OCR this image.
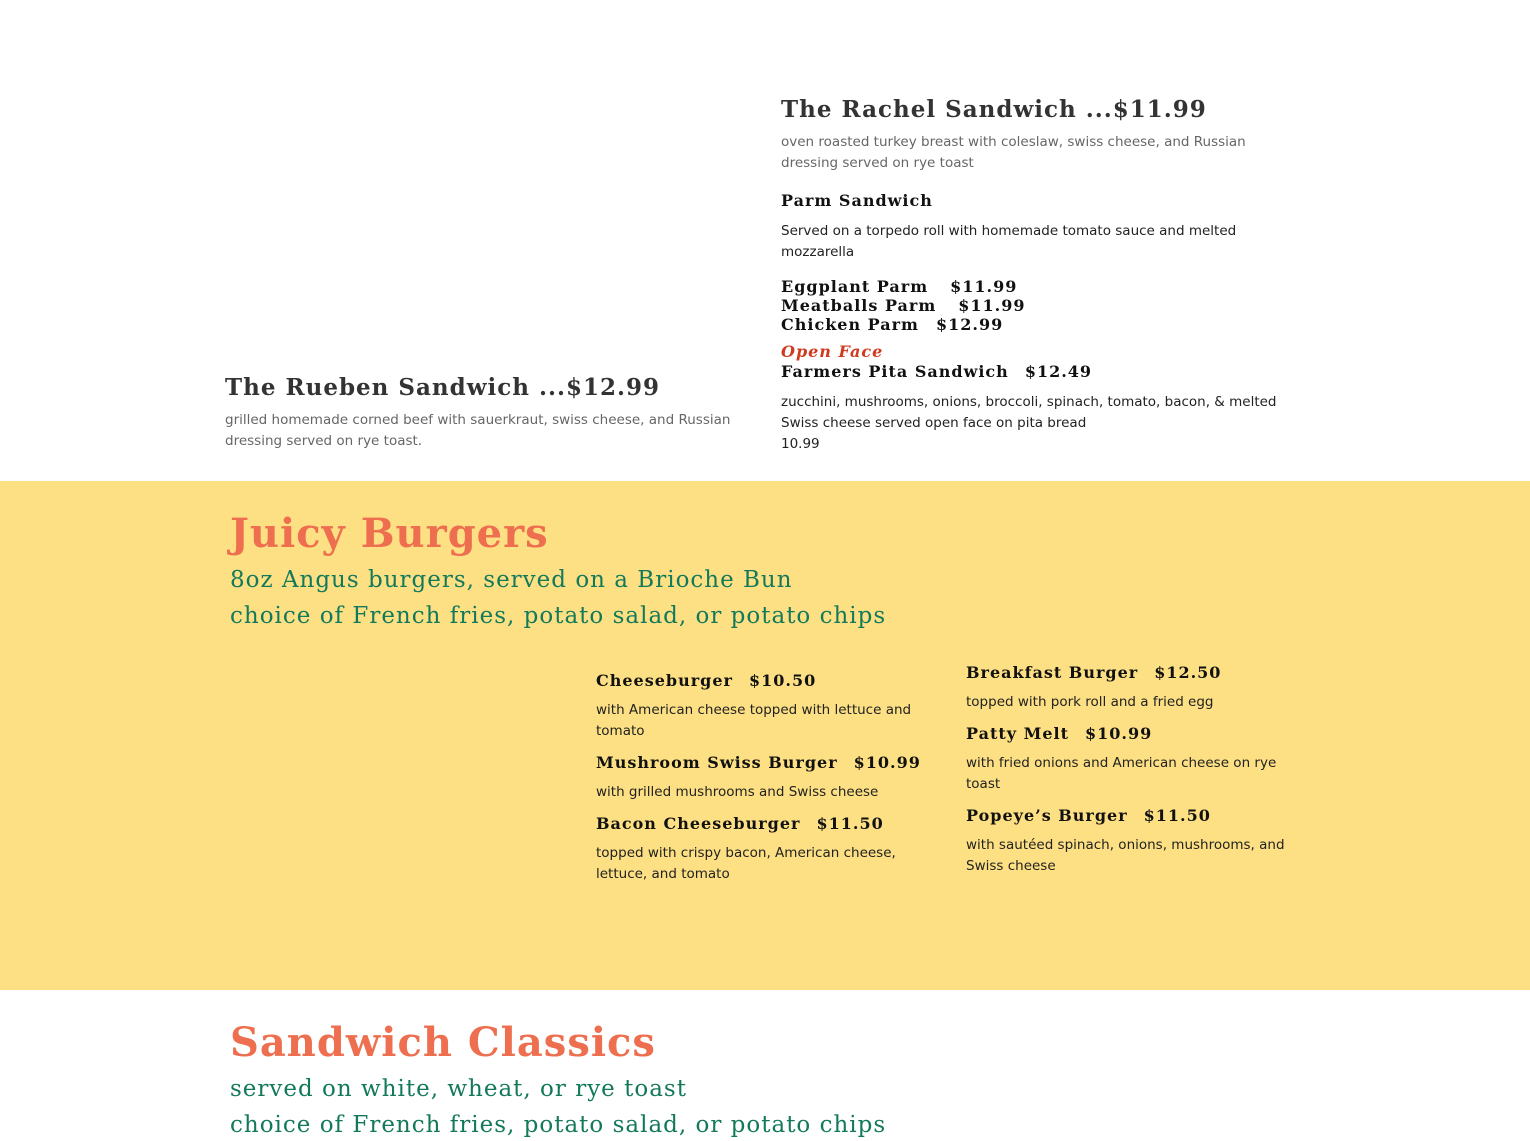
The Rachel Sandwich ...$11.99
oven roasted turkey breast with coleslaw, swiss cheese, and Russian dressing served on rye toast
Parm Sandwich
Served on a torpedo roll with homemade tomato sauce and melted mozzarella
Eggplant Parm $11.99
Meatballs Parm $11.99
Chicken Parm $12.99
Open Face
Farmers Pita Sandwich $12.49
zucchini, mushrooms, onions, broccoli, spinach, tomato, bacon, & melted Swiss cheese served open face on pita bread
10.99
The Rueben Sandwich ...$12.99
grilled homemade corned beef with sauerkraut, swiss cheese, and Russian dressing served on rye toast.
Juicy Burgers
8oz Angus burgers, served on a Brioche Bun
choice of French fries, potato salad, or potato chips
Cheeseburger $10.50
with American cheese topped with lettuce and tomato
Mushroom Swiss Burger $10.99
with grilled mushrooms and Swiss cheese
Bacon Cheeseburger $11.50
topped with crispy bacon, American cheese, lettuce, and tomato
Breakfast Burger $12.50
topped with pork roll and a fried egg
Patty Melt $10.99
with fried onions and American cheese on rye toast
Popeye’s Burger $11.50
with sautéed spinach, onions, mushrooms, and Swiss cheese
Sandwich Classics
served on white, wheat, or rye toast
choice of French fries, potato salad, or potato chips
